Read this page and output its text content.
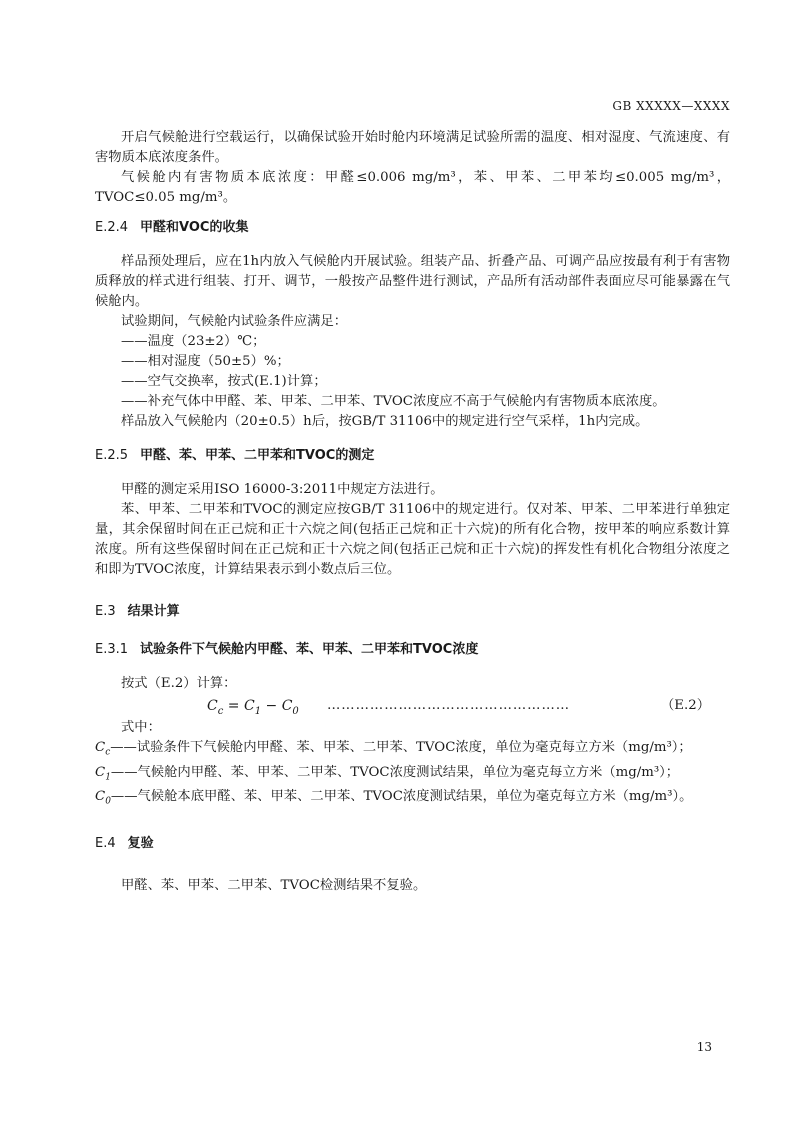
GB XXXXX—XXXX

开启气候舱进行空载运行，以确保试验开始时舱内环境满足试验所需的温度、相对湿度、气流速度、有害物质本底浓度条件。

气候舱内有害物质本底浓度：甲醛≤0.006 mg/m³，苯、甲苯、二甲苯均≤0.005 mg/m³，TVOC≤0.05 mg/m³。

E.2.4 甲醛和VOC的收集

样品预处理后，应在1h内放入气候舱内开展试验。组装产品、折叠产品、可调产品应按最有利于有害物质释放的样式进行组装、打开、调节，一般按产品整件进行测试，产品所有活动部件表面应尽可能暴露在气候舱内。

试验期间，气候舱内试验条件应满足：

——温度（23±2）℃；

——相对湿度（50±5）%；

——空气交换率，按式(E.1)计算；

——补充气体中甲醛、苯、甲苯、二甲苯、TVOC浓度应不高于气候舱内有害物质本底浓度。

样品放入气候舱内（20±0.5）h后，按GB/T 31106中的规定进行空气采样，1h内完成。

E.2.5 甲醛、苯、甲苯、二甲苯和TVOC的测定

甲醛的测定采用ISO 16000-3:2011中规定方法进行。

苯、甲苯、二甲苯和TVOC的测定应按GB/T 31106中的规定进行。仅对苯、甲苯、二甲苯进行单独定量，其余保留时间在正己烷和正十六烷之间(包括正己烷和正十六烷)的所有化合物，按甲苯的响应系数计算浓度。所有这些保留时间在正己烷和正十六烷之间(包括正己烷和正十六烷)的挥发性有机化合物组分浓度之和即为TVOC浓度，计算结果表示到小数点后三位。

E.3 结果计算

E.3.1 试验条件下气候舱内甲醛、苯、甲苯、二甲苯和TVOC浓度

按式（E.2）计算：

$C_c = C_1 - C_0$ ……………………………………………	（E.2）

式中：

$C_c——$试验条件下气候舱内甲醛、苯、甲苯、二甲苯、TVOC浓度，单位为毫克每立方米（mg/m³）；

$C_1——$气候舱内甲醛、苯、甲苯、二甲苯、TVOC浓度测试结果，单位为毫克每立方米（mg/m³）；

$C_0——$气候舱本底甲醛、苯、甲苯、二甲苯、TVOC浓度测试结果，单位为毫克每立方米（mg/m³）。

E.4 复验

甲醛、苯、甲苯、二甲苯、TVOC检测结果不复验。

13
